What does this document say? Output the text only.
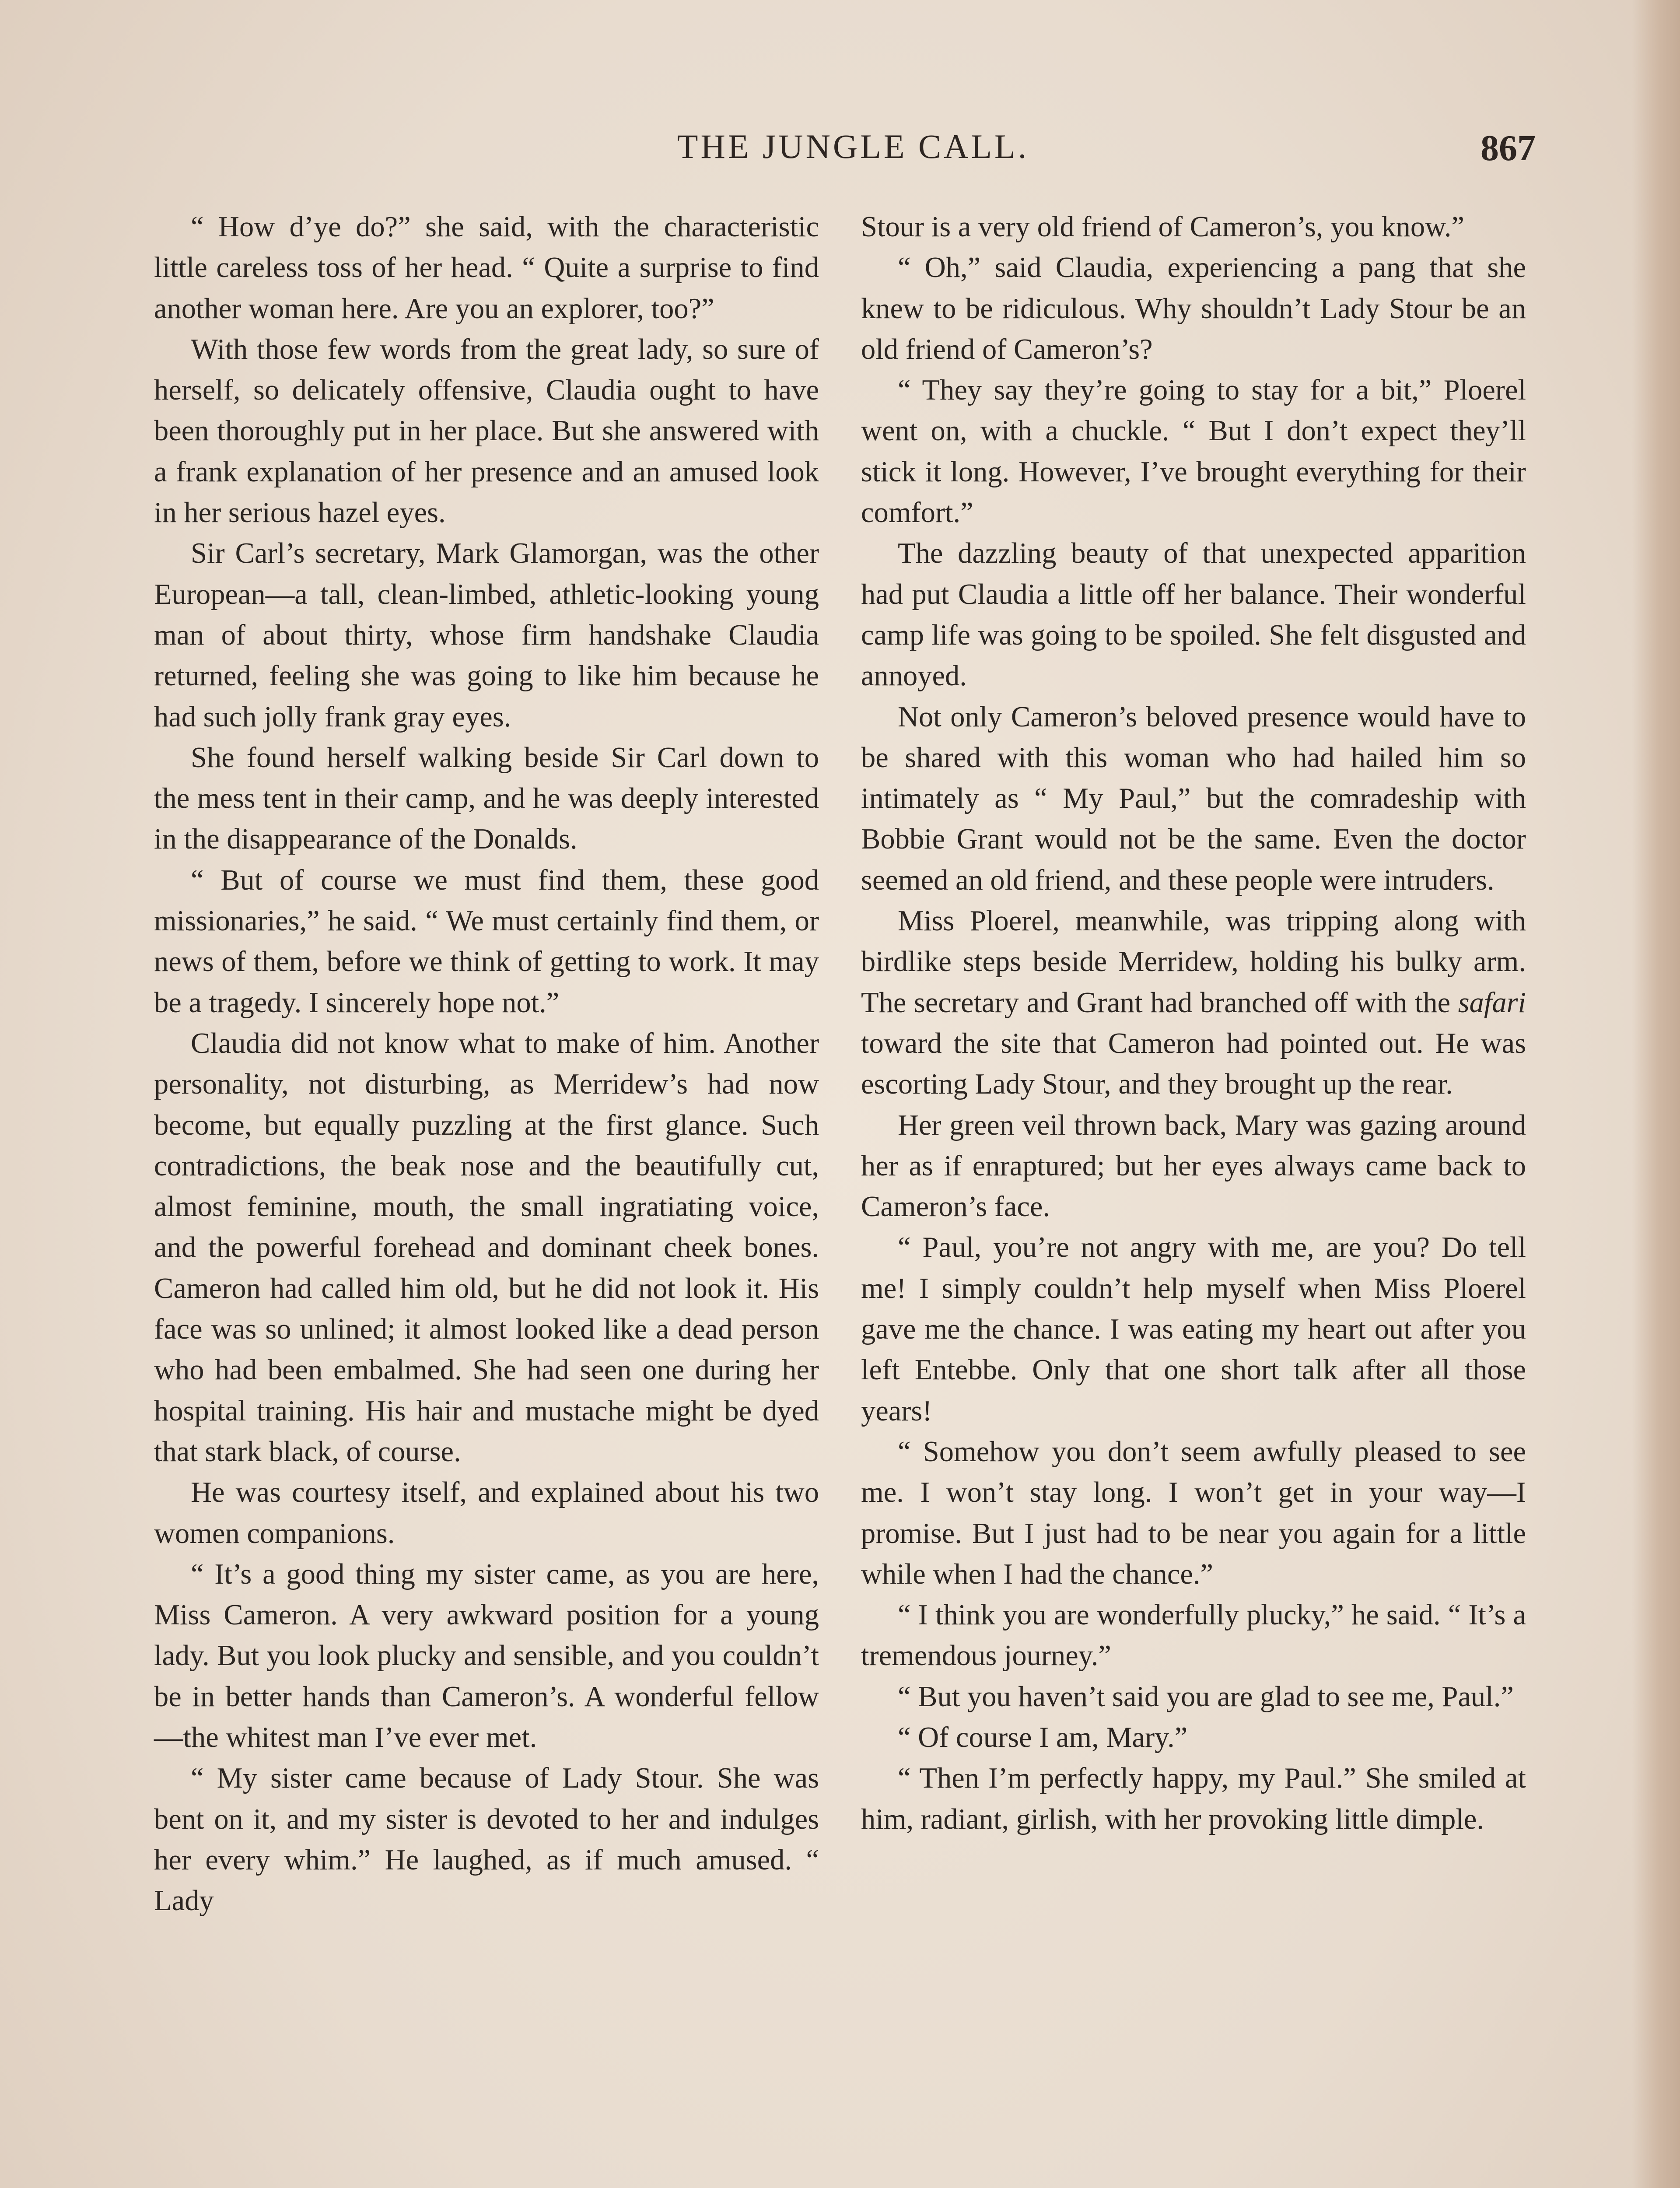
THE JUNGLE CALL.	867

“ How d’ye do?” she said, with the characteristic little careless toss of her head. “ Quite a surprise to find another woman here. Are you an explorer, too?”

With those few words from the great lady, so sure of herself, so delicately offensive, Claudia ought to have been thoroughly put in her place. But she answered with a frank explanation of her presence and an amused look in her serious hazel eyes.

Sir Carl’s secretary, Mark Glamorgan, was the other European—a tall, clean-limbed, athletic-looking young man of about thirty, whose firm handshake Claudia returned, feeling she was going to like him because he had such jolly frank gray eyes.

She found herself walking beside Sir Carl down to the mess tent in their camp, and he was deeply interested in the disappearance of the Donalds.

“ But of course we must find them, these good missionaries,” he said. “ We must certainly find them, or news of them, before we think of getting to work. It may be a tragedy. I sincerely hope not.”

Claudia did not know what to make of him. Another personality, not disturbing, as Merridew’s had now become, but equally puzzling at the first glance. Such contradictions, the beak nose and the beautifully cut, almost feminine, mouth, the small ingratiating voice, and the powerful forehead and dominant cheek bones. Cameron had called him old, but he did not look it. His face was so unlined; it almost looked like a dead person who had been embalmed. She had seen one during her hospital training. His hair and mustache might be dyed that stark black, of course.

He was courtesy itself, and explained about his two women companions.

“ It’s a good thing my sister came, as you are here, Miss Cameron. A very awkward position for a young lady. But you look plucky and sensible, and you couldn’t be in better hands than Cameron’s. A wonderful fellow—the whitest man I’ve ever met.

“ My sister came because of Lady Stour. She was bent on it, and my sister is devoted to her and indulges her every whim.” He laughed, as if much amused. “ Lady

Stour is a very old friend of Cameron’s, you know.”

“ Oh,” said Claudia, experiencing a pang that she knew to be ridiculous. Why shouldn’t Lady Stour be an old friend of Cameron’s?

“ They say they’re going to stay for a bit,” Ploerel went on, with a chuckle. “ But I don’t expect they’ll stick it long. However, I’ve brought everything for their comfort.”

The dazzling beauty of that unexpected apparition had put Claudia a little off her balance. Their wonderful camp life was going to be spoiled. She felt disgusted and annoyed.

Not only Cameron’s beloved presence would have to be shared with this woman who had hailed him so intimately as “ My Paul,” but the comradeship with Bobbie Grant would not be the same. Even the doctor seemed an old friend, and these people were intruders.

Miss Ploerel, meanwhile, was tripping along with birdlike steps beside Merridew, holding his bulky arm. The secretary and Grant had branched off with the safari toward the site that Cameron had pointed out. He was escorting Lady Stour, and they brought up the rear.

Her green veil thrown back, Mary was gazing around her as if enraptured; but her eyes always came back to Cameron’s face.

“ Paul, you’re not angry with me, are you? Do tell me! I simply couldn’t help myself when Miss Ploerel gave me the chance. I was eating my heart out after you left Entebbe. Only that one short talk after all those years!

“ Somehow you don’t seem awfully pleased to see me. I won’t stay long. I won’t get in your way—I promise. But I just had to be near you again for a little while when I had the chance.”

“ I think you are wonderfully plucky,” he said. “ It’s a tremendous journey.”

“ But you haven’t said you are glad to see me, Paul.”

“ Of course I am, Mary.”

“ Then I’m perfectly happy, my Paul.” She smiled at him, radiant, girlish, with her provoking little dimple.
